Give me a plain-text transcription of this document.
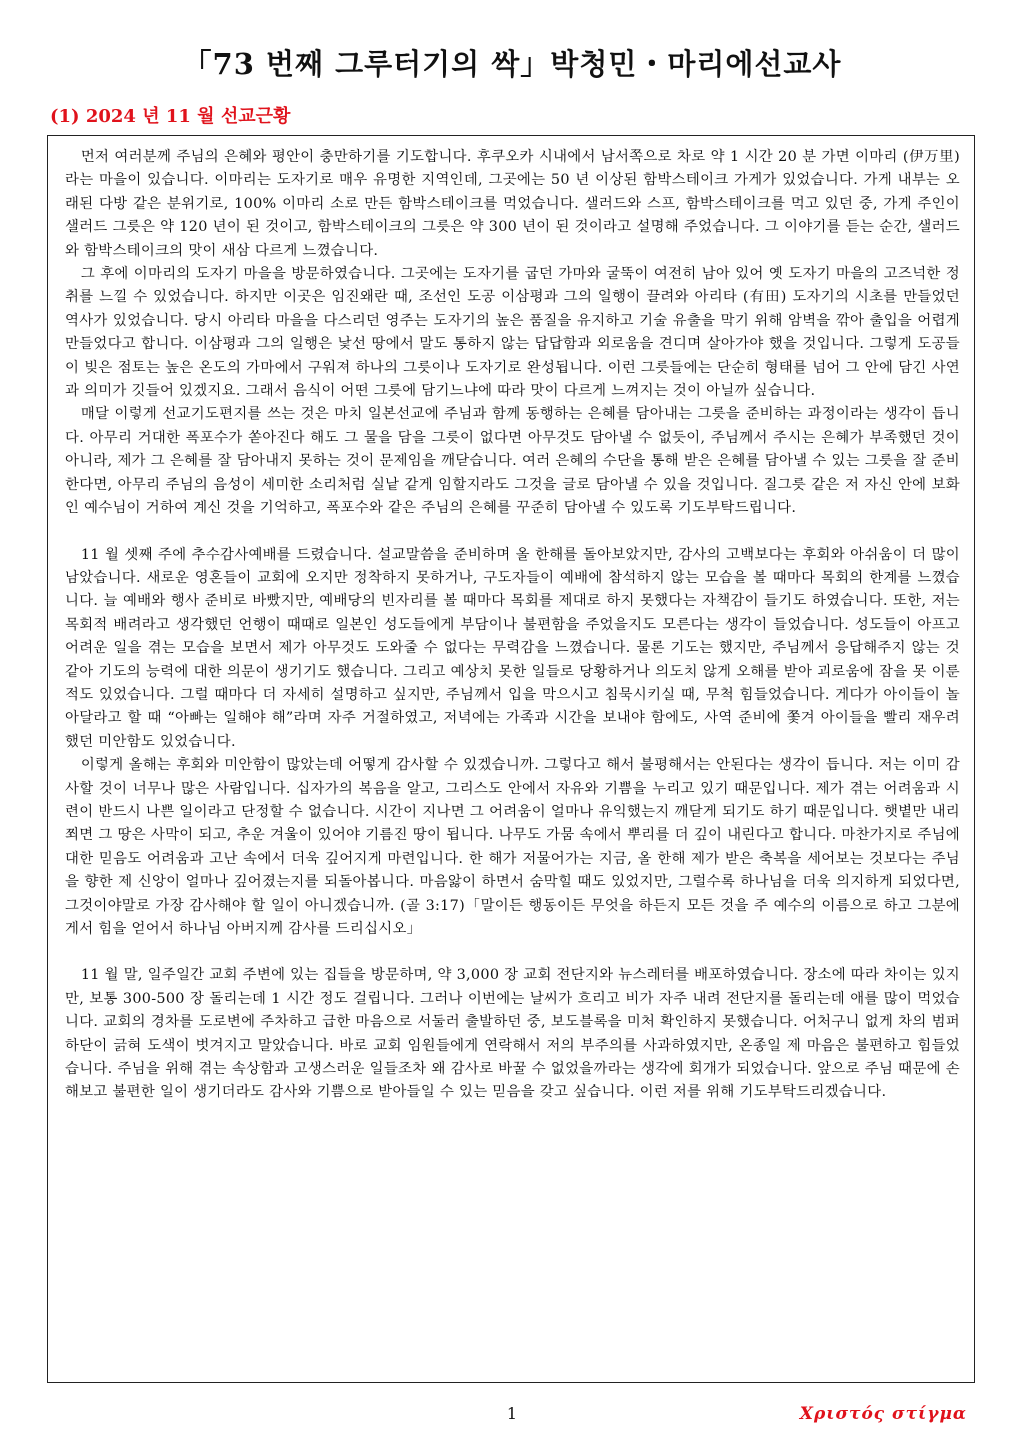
「73 번째 그루터기의 싹」박청민・마리에선교사
(1) 2024 년 11 월 선교근황

먼저 여러분께 주님의 은혜와 평안이 충만하기를 기도합니다. 후쿠오카 시내에서 남서쪽으로 차로 약 1 시간 20 분 가면 이마리 (伊万里) 라는 마을이 있습니다. 이마리는 도자기로 매우 유명한 지역인데, 그곳에는 50 년 이상된 함박스테이크 가게가 있었습니다. 가게 내부는 오래된 다방 같은 분위기로, 100% 이마리 소로 만든 함박스테이크를 먹었습니다. 샐러드와 스프, 함박스테이크를 먹고 있던 중, 가게 주인이 샐러드 그릇은 약 120 년이 된 것이고, 함박스테이크의 그릇은 약 300 년이 된 것이라고 설명해 주었습니다. 그 이야기를 듣는 순간, 샐러드와 함박스테이크의 맛이 새삼 다르게 느꼈습니다.

그 후에 이마리의 도자기 마을을 방문하였습니다. 그곳에는 도자기를 굽던 가마와 굴뚝이 여전히 남아 있어 옛 도자기 마을의 고즈넉한 정취를 느낄 수 있었습니다. 하지만 이곳은 임진왜란 때, 조선인 도공 이삼평과 그의 일행이 끌려와 아리타 (有田) 도자기의 시초를 만들었던 역사가 있었습니다. 당시 아리타 마을을 다스리던 영주는 도자기의 높은 품질을 유지하고 기술 유출을 막기 위해 암벽을 깎아 출입을 어렵게 만들었다고 합니다. 이삼평과 그의 일행은 낯선 땅에서 말도 통하지 않는 답답함과 외로움을 견디며 살아가야 했을 것입니다. 그렇게 도공들이 빚은 점토는 높은 온도의 가마에서 구워져 하나의 그릇이나 도자기로 완성됩니다. 이런 그릇들에는 단순히 형태를 넘어 그 안에 담긴 사연과 의미가 깃들어 있겠지요. 그래서 음식이 어떤 그릇에 담기느냐에 따라 맛이 다르게 느껴지는 것이 아닐까 싶습니다.

매달 이렇게 선교기도편지를 쓰는 것은 마치 일본선교에 주님과 함께 동행하는 은혜를 담아내는 그릇을 준비하는 과정이라는 생각이 듭니다. 아무리 거대한 폭포수가 쏟아진다 해도 그 물을 담을 그릇이 없다면 아무것도 담아낼 수 없듯이, 주님께서 주시는 은혜가 부족했던 것이 아니라, 제가 그 은혜를 잘 담아내지 못하는 것이 문제임을 깨닫습니다. 여러 은혜의 수단을 통해 받은 은혜를 담아낼 수 있는 그릇을 잘 준비한다면, 아무리 주님의 음성이 세미한 소리처럼 실낱 같게 임할지라도 그것을 글로 담아낼 수 있을 것입니다. 질그릇 같은 저 자신 안에 보화인 예수님이 거하여 계신 것을 기억하고, 폭포수와 같은 주님의 은혜를 꾸준히 담아낼 수 있도록 기도부탁드립니다.

11 월 셋째 주에 추수감사예배를 드렸습니다. 설교말씀을 준비하며 올 한해를 돌아보았지만, 감사의 고백보다는 후회와 아쉬움이 더 많이 남았습니다. 새로운 영혼들이 교회에 오지만 정착하지 못하거나, 구도자들이 예배에 참석하지 않는 모습을 볼 때마다 목회의 한계를 느꼈습니다. 늘 예배와 행사 준비로 바빴지만, 예배당의 빈자리를 볼 때마다 목회를 제대로 하지 못했다는 자책감이 들기도 하였습니다. 또한, 저는 목회적 배려라고 생각했던 언행이 때때로 일본인 성도들에게 부담이나 불편함을 주었을지도 모른다는 생각이 들었습니다. 성도들이 아프고 어려운 일을 겪는 모습을 보면서 제가 아무것도 도와줄 수 없다는 무력감을 느꼈습니다. 물론 기도는 했지만, 주님께서 응답해주지 않는 것 같아 기도의 능력에 대한 의문이 생기기도 했습니다. 그리고 예상치 못한 일들로 당황하거나 의도치 않게 오해를 받아 괴로움에 잠을 못 이룬 적도 있었습니다. 그럴 때마다 더 자세히 설명하고 싶지만, 주님께서 입을 막으시고 침묵시키실 때, 무척 힘들었습니다. 게다가 아이들이 놀아달라고 할 때 “아빠는 일해야 해”라며 자주 거절하였고, 저녁에는 가족과 시간을 보내야 함에도, 사역 준비에 쫓겨 아이들을 빨리 재우려 했던 미안함도 있었습니다.

이렇게 올해는 후회와 미안함이 많았는데 어떻게 감사할 수 있겠습니까. 그렇다고 해서 불평해서는 안된다는 생각이 듭니다. 저는 이미 감사할 것이 너무나 많은 사람입니다. 십자가의 복음을 알고, 그리스도 안에서 자유와 기쁨을 누리고 있기 때문입니다. 제가 겪는 어려움과 시련이 반드시 나쁜 일이라고 단정할 수 없습니다. 시간이 지나면 그 어려움이 얼마나 유익했는지 깨닫게 되기도 하기 때문입니다. 햇볕만 내리쬐면 그 땅은 사막이 되고, 추운 겨울이 있어야 기름진 땅이 됩니다. 나무도 가뭄 속에서 뿌리를 더 깊이 내린다고 합니다. 마찬가지로 주님에 대한 믿음도 어려움과 고난 속에서 더욱 깊어지게 마련입니다. 한 해가 저물어가는 지금, 올 한해 제가 받은 축복을 세어보는 것보다는 주님을 향한 제 신앙이 얼마나 깊어졌는지를 되돌아봅니다. 마음앓이 하면서 숨막힐 때도 있었지만, 그럴수록 하나님을 더욱 의지하게 되었다면, 그것이야말로 가장 감사해야 할 일이 아니겠습니까. (골 3:17)「말이든 행동이든 무엇을 하든지 모든 것을 주 예수의 이름으로 하고 그분에게서 힘을 얻어서 하나님 아버지께 감사를 드리십시오」

11 월 말, 일주일간 교회 주변에 있는 집들을 방문하며, 약 3,000 장 교회 전단지와 뉴스레터를 배포하였습니다. 장소에 따라 차이는 있지만, 보통 300-500 장 돌리는데 1 시간 정도 걸립니다. 그러나 이번에는 날씨가 흐리고 비가 자주 내려 전단지를 돌리는데 애를 많이 먹었습니다. 교회의 경차를 도로변에 주차하고 급한 마음으로 서둘러 출발하던 중, 보도블록을 미처 확인하지 못했습니다. 어처구니 없게 차의 범퍼 하단이 긁혀 도색이 벗겨지고 말았습니다. 바로 교회 임원들에게 연락해서 저의 부주의를 사과하였지만, 온종일 제 마음은 불편하고 힘들었습니다. 주님을 위해 겪는 속상함과 고생스러운 일들조차 왜 감사로 바꿀 수 없었을까라는 생각에 회개가 되었습니다. 앞으로 주님 때문에 손해보고 불편한 일이 생기더라도 감사와 기쁨으로 받아들일 수 있는 믿음을 갖고 싶습니다. 이런 저를 위해 기도부탁드리겠습니다.

1	Χριστός στίγμα
